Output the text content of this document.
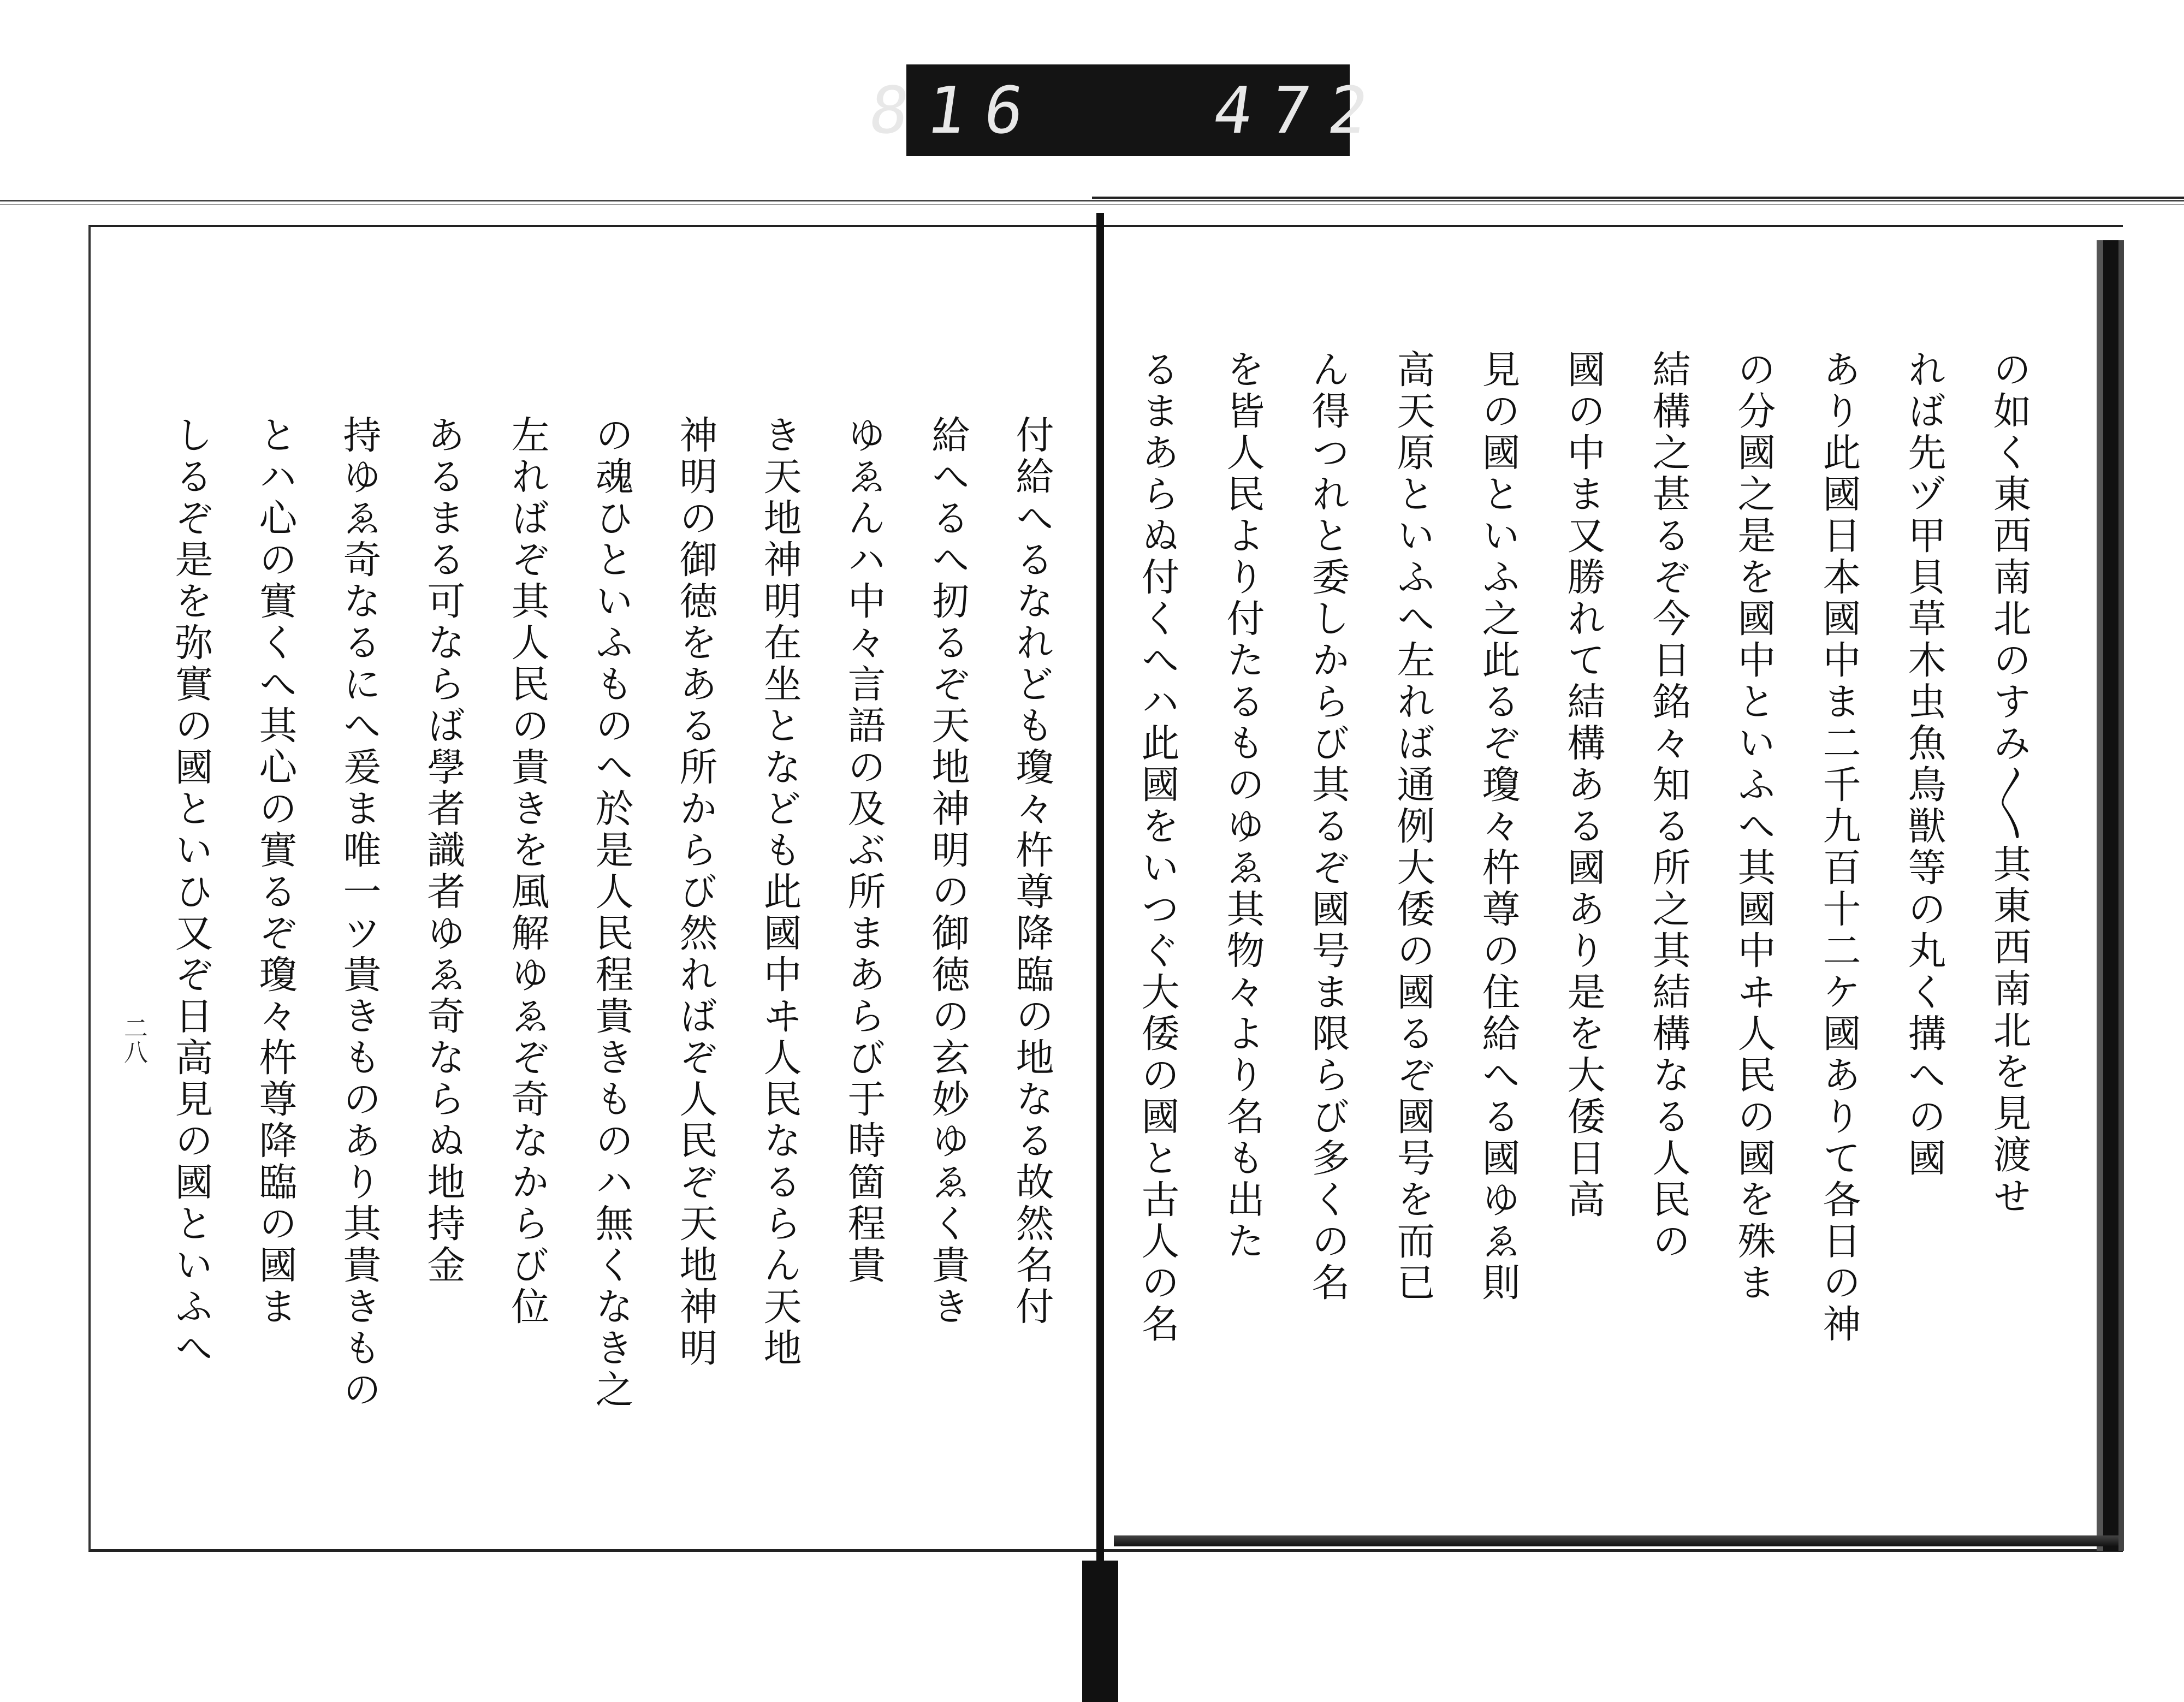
816   472
の如く東西南北のすみ〳〵其東西南北を見渡せ
れば先ヅ甲貝草木虫魚鳥獣等の丸く搆への國
あり此國日本國中ま二千九百十二ケ國ありて各日の神
の分國之是を國中といふへ其國中ヰ人民の國を殊ま
結構之甚るぞ今日銘々知る所之其結構なる人民の
國の中ま又勝れて結構ある國あり是を大倭日高
見の國といふ之此るぞ瓊々杵尊の住給へる國ゆゑ則
高天原といふへ左れば通例大倭の國るぞ國号を而已
ん得つれと委しからび其るぞ國号ま限らび多くの名
を皆人民より付たるものゆゑ其物々より名も出た
るまあらぬ付くへハ此國をいつぐ大倭の國と古人の名
付給へるなれども瓊々杵尊降臨の地なる故然名付
給へるへ扨るぞ天地神明の御徳の玄妙ゆゑく貴き
ゆゑんハ中々言語の及ぶ所まあらび于時箇程貴
き天地神明在坐となども此國中ヰ人民なるらん天地
神明の御徳をある所からび然ればぞ人民ぞ天地神明
の魂ひといふものへ於是人民程貴きものハ無くなき之
左ればぞ其人民の貴きを風解ゆゑぞ奇なからび位
あるまる可ならば學者識者ゆゑ奇ならぬ地持金
持ゆゑ奇なるにへ爰ま唯一ツ貴きものあり其貴きもの
とハ心の實くへ其心の實るぞ瓊々杵尊降臨の國ま
しるぞ是を弥實の國といひ又ぞ日高見の國といふへ
二八
